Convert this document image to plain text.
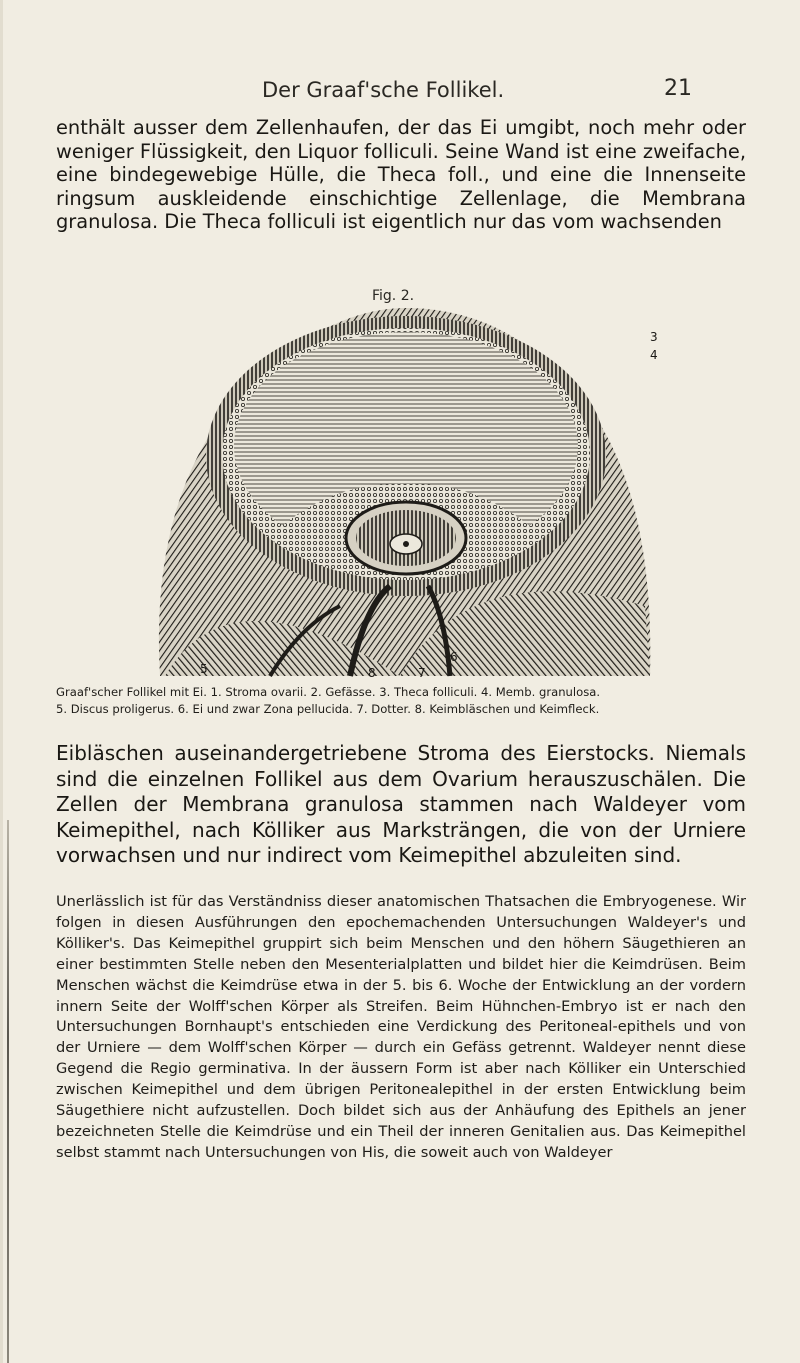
Der Graaf'sche Follikel.	21

enthält ausser dem Zellenhaufen, der das Ei umgibt, noch mehr oder weniger Flüssigkeit, den Liquor folliculi. Seine Wand ist eine zweifache, eine bindegewebige Hülle, die Theca foll., und eine die Innenseite ringsum auskleidende einschichtige Zellenlage, die Membrana granulosa. Die Theca folliculi ist eigentlich nur das vom wachsenden

Fig. 2.
3
4
5	8	7
6
Graaf'scher Follikel mit Ei. 1. Stroma ovarii. 2. Gefässe. 3. Theca folliculi. 4. Memb. granulosa.
5. Discus proligerus. 6. Ei und zwar Zona pellucida. 7. Dotter. 8. Keimbläschen und Keimfleck.

Eibläschen auseinandergetriebene Stroma des Eierstocks. Niemals sind die einzelnen Follikel aus dem Ovarium herauszuschälen. Die Zellen der Membrana granulosa stammen nach Waldeyer vom Keimepithel, nach Kölliker aus Marksträngen, die von der Urniere vorwachsen und nur indirect vom Keimepithel abzuleiten sind.

Unerlässlich ist für das Verständniss dieser anatomischen Thatsachen die Embryogenese. Wir folgen in diesen Ausführungen den epochemachenden Untersuchungen Waldeyer's und Kölliker's. Das Keimepithel gruppirt sich beim Menschen und den höhern Säugethieren an einer bestimmten Stelle neben den Mesenterialplatten und bildet hier die Keimdrüsen. Beim Menschen wächst die Keimdrüse etwa in der 5. bis 6. Woche der Entwicklung an der vordern innern Seite der Wolff'schen Körper als Streifen. Beim Hühnchen-Embryo ist er nach den Untersuchungen Bornhaupt's entschieden eine Verdickung des Peritoneal-epithels und von der Urniere — dem Wolff'schen Körper — durch ein Gefäss getrennt. Waldeyer nennt diese Gegend die Regio germinativa. In der äussern Form ist aber nach Kölliker ein Unterschied zwischen Keimepithel und dem übrigen Peritonealepithel in der ersten Entwicklung beim Säugethiere nicht aufzustellen. Doch bildet sich aus der Anhäufung des Epithels an jener bezeichneten Stelle die Keimdrüse und ein Theil der inneren Genitalien aus. Das Keimepithel selbst stammt nach Untersuchungen von His, die soweit auch von Waldeyer
